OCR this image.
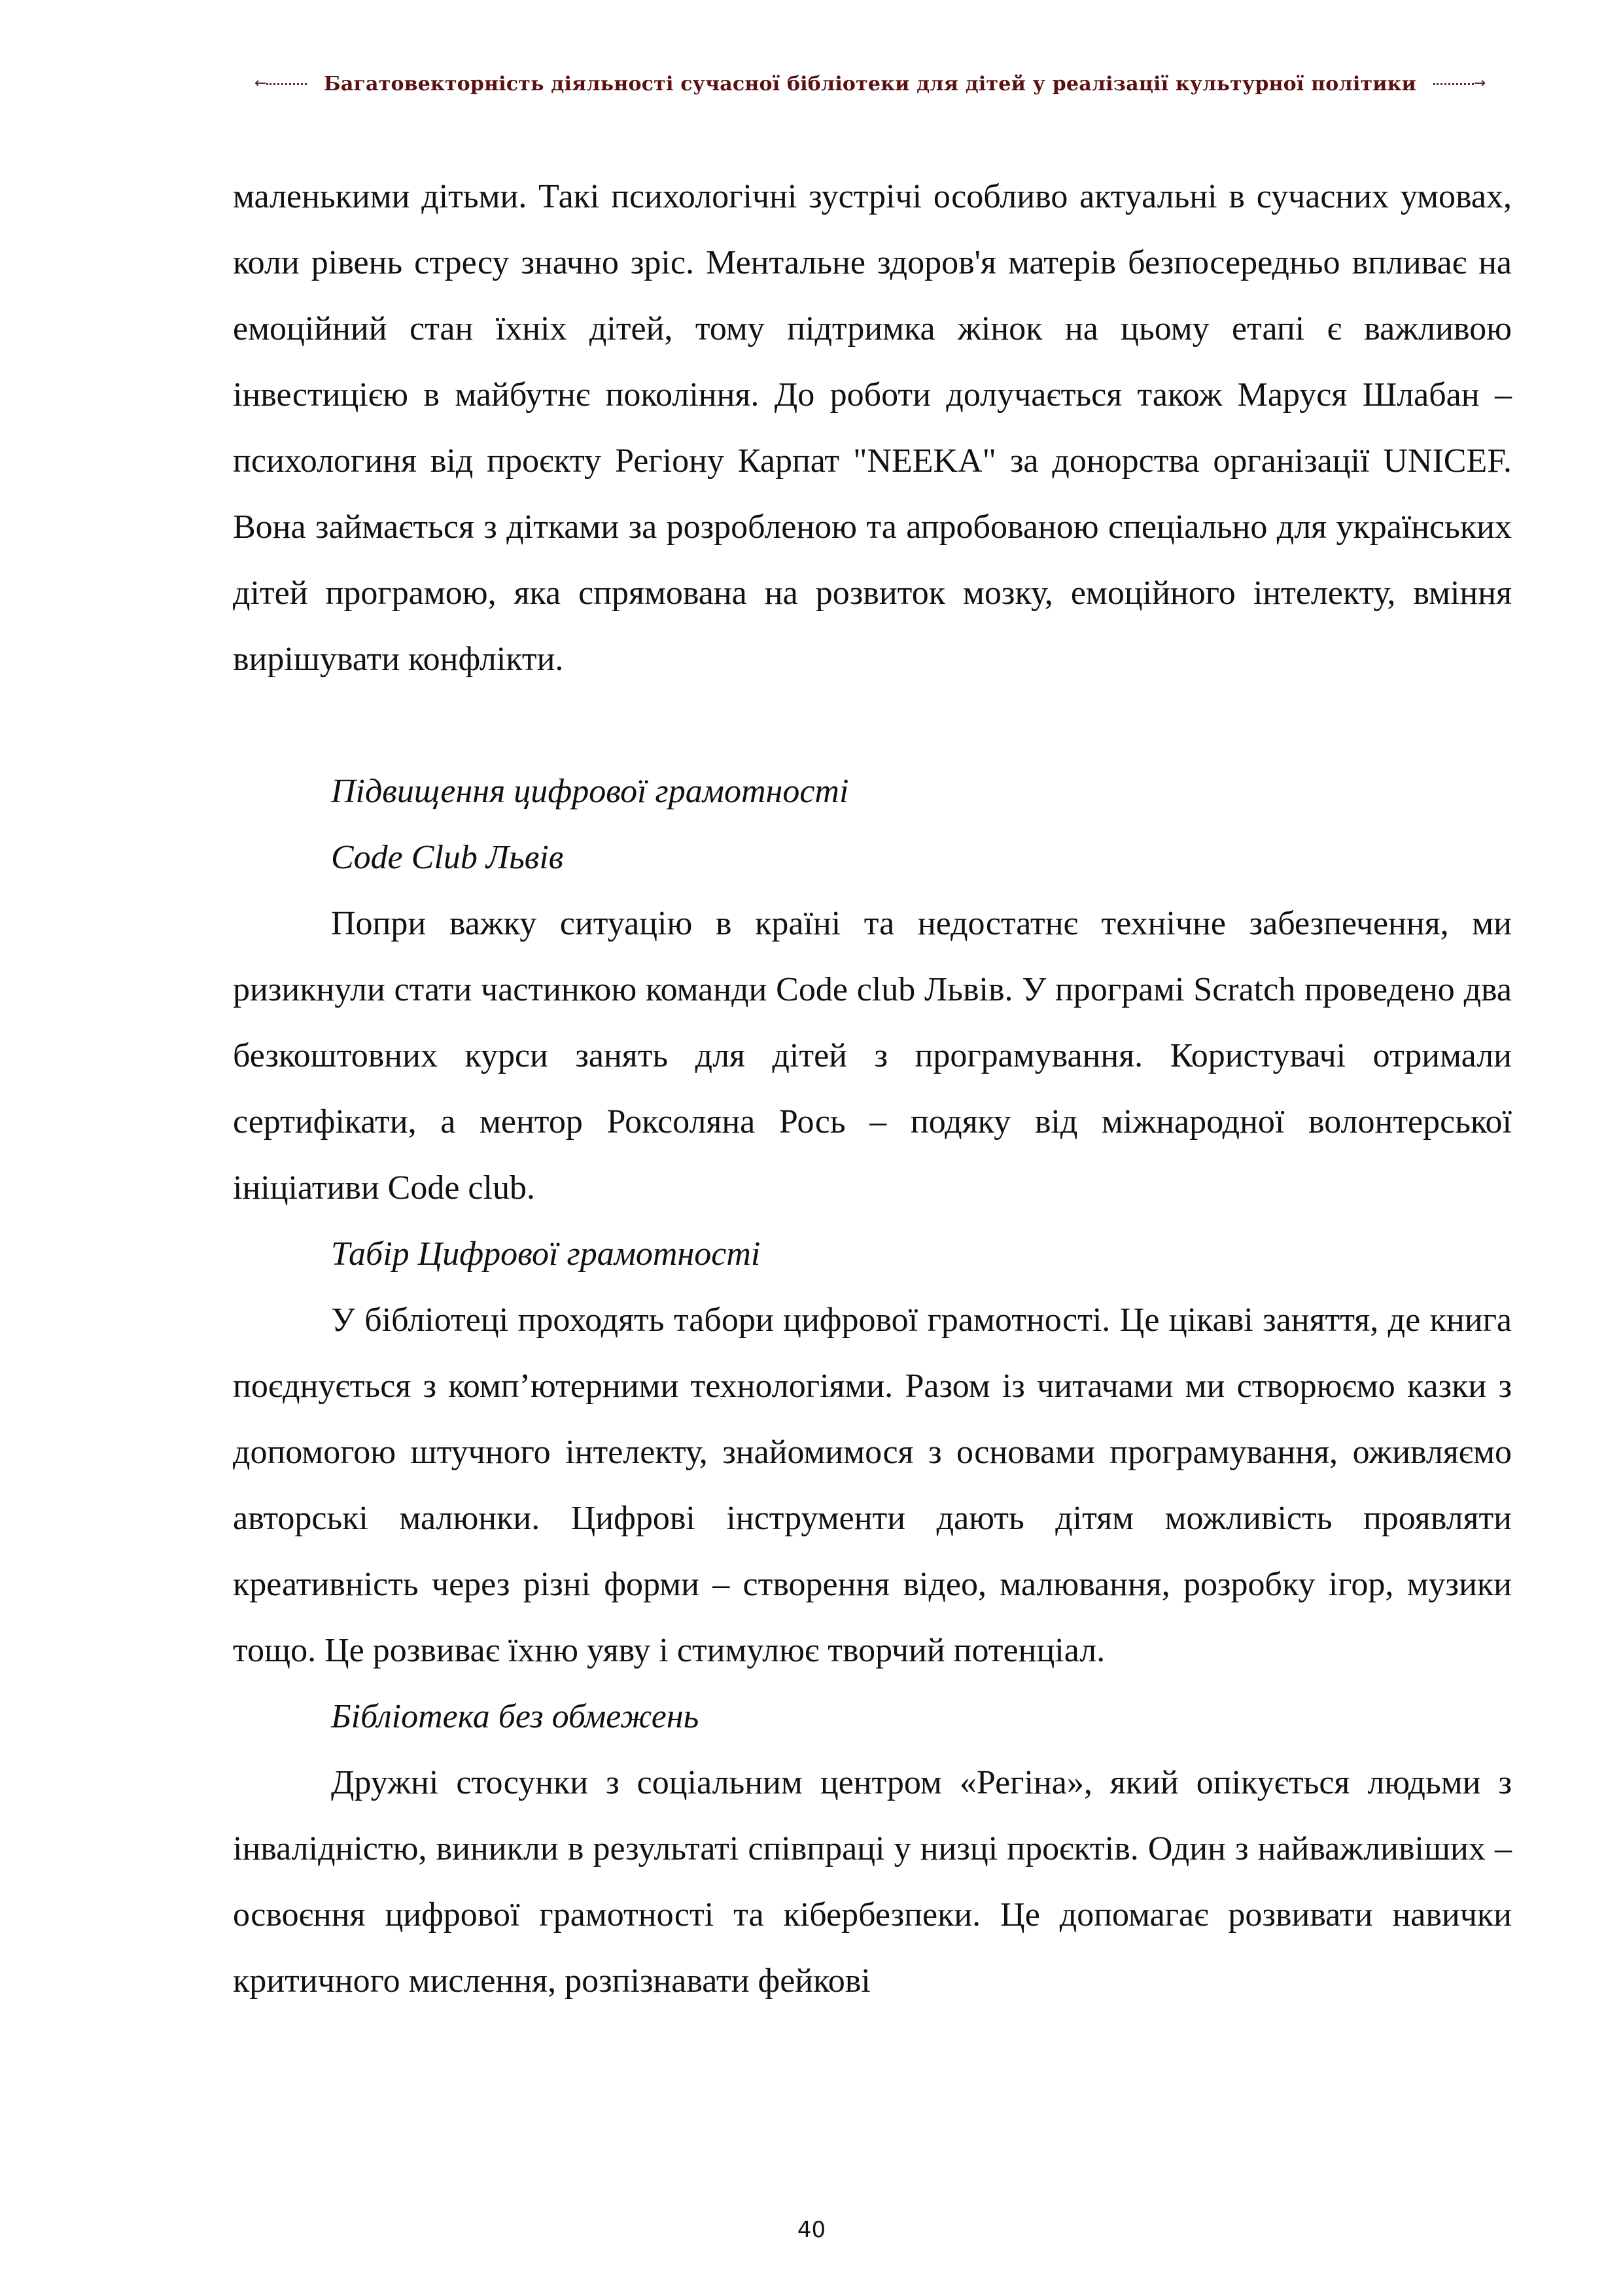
←	Багатовекторність діяльності сучасної бібліотеки для дітей у реалізації культурної політики	→

маленькими дітьми. Такі психологічні зустрічі особливо актуальні в сучасних умовах, коли рівень стресу значно зріс. Ментальне здоров'я матерів безпосередньо впливає на емоційний стан їхніх дітей, тому підтримка жінок на цьому етапі є важливою інвестицією в майбутнє покоління. До роботи долучається також Маруся Шлабан – психологиня від проєкту Регіону Карпат "NEEKA" за донорства організації UNICEF. Вона займається з дітками за розробленою та апробованою спеціально для українських дітей програмою, яка спрямована на розвиток мозку, емоційного інтелекту, вміння вирішувати конфлікти.

Підвищення цифрової грамотності
Code Club Львів

Попри важку ситуацію в країні та недостатнє технічне забезпечення, ми ризикнули стати частинкою команди Code club Львів. У програмі Scratch проведено два безкоштовних курси занять для дітей з програмування. Користувачі отримали сертифікати, а ментор Роксоляна Рось – подяку від міжнародної волонтерської ініціативи Code club.

Табір Цифрової грамотності

У бібліотеці проходять табори цифрової грамотності. Це цікаві заняття, де книга поєднується з комп’ютерними технологіями. Разом із читачами ми створюємо казки з допомогою штучного інтелекту, знайомимося з основами програмування, оживляємо авторські малюнки. Цифрові інструменти дають дітям можливість проявляти креативність через різні форми – створення відео, малювання, розробку ігор, музики тощо. Це розвиває їхню уяву і стимулює творчий потенціал.

Бібліотека без обмежень

Дружні стосунки з соціальним центром «Регіна», який опікується людьми з інвалідністю, виникли в результаті співпраці у низці проєктів. Один з найважливіших – освоєння цифрової грамотності та кібербезпеки. Це допомагає розвивати навички критичного мислення, розпізнавати фейкові

40
